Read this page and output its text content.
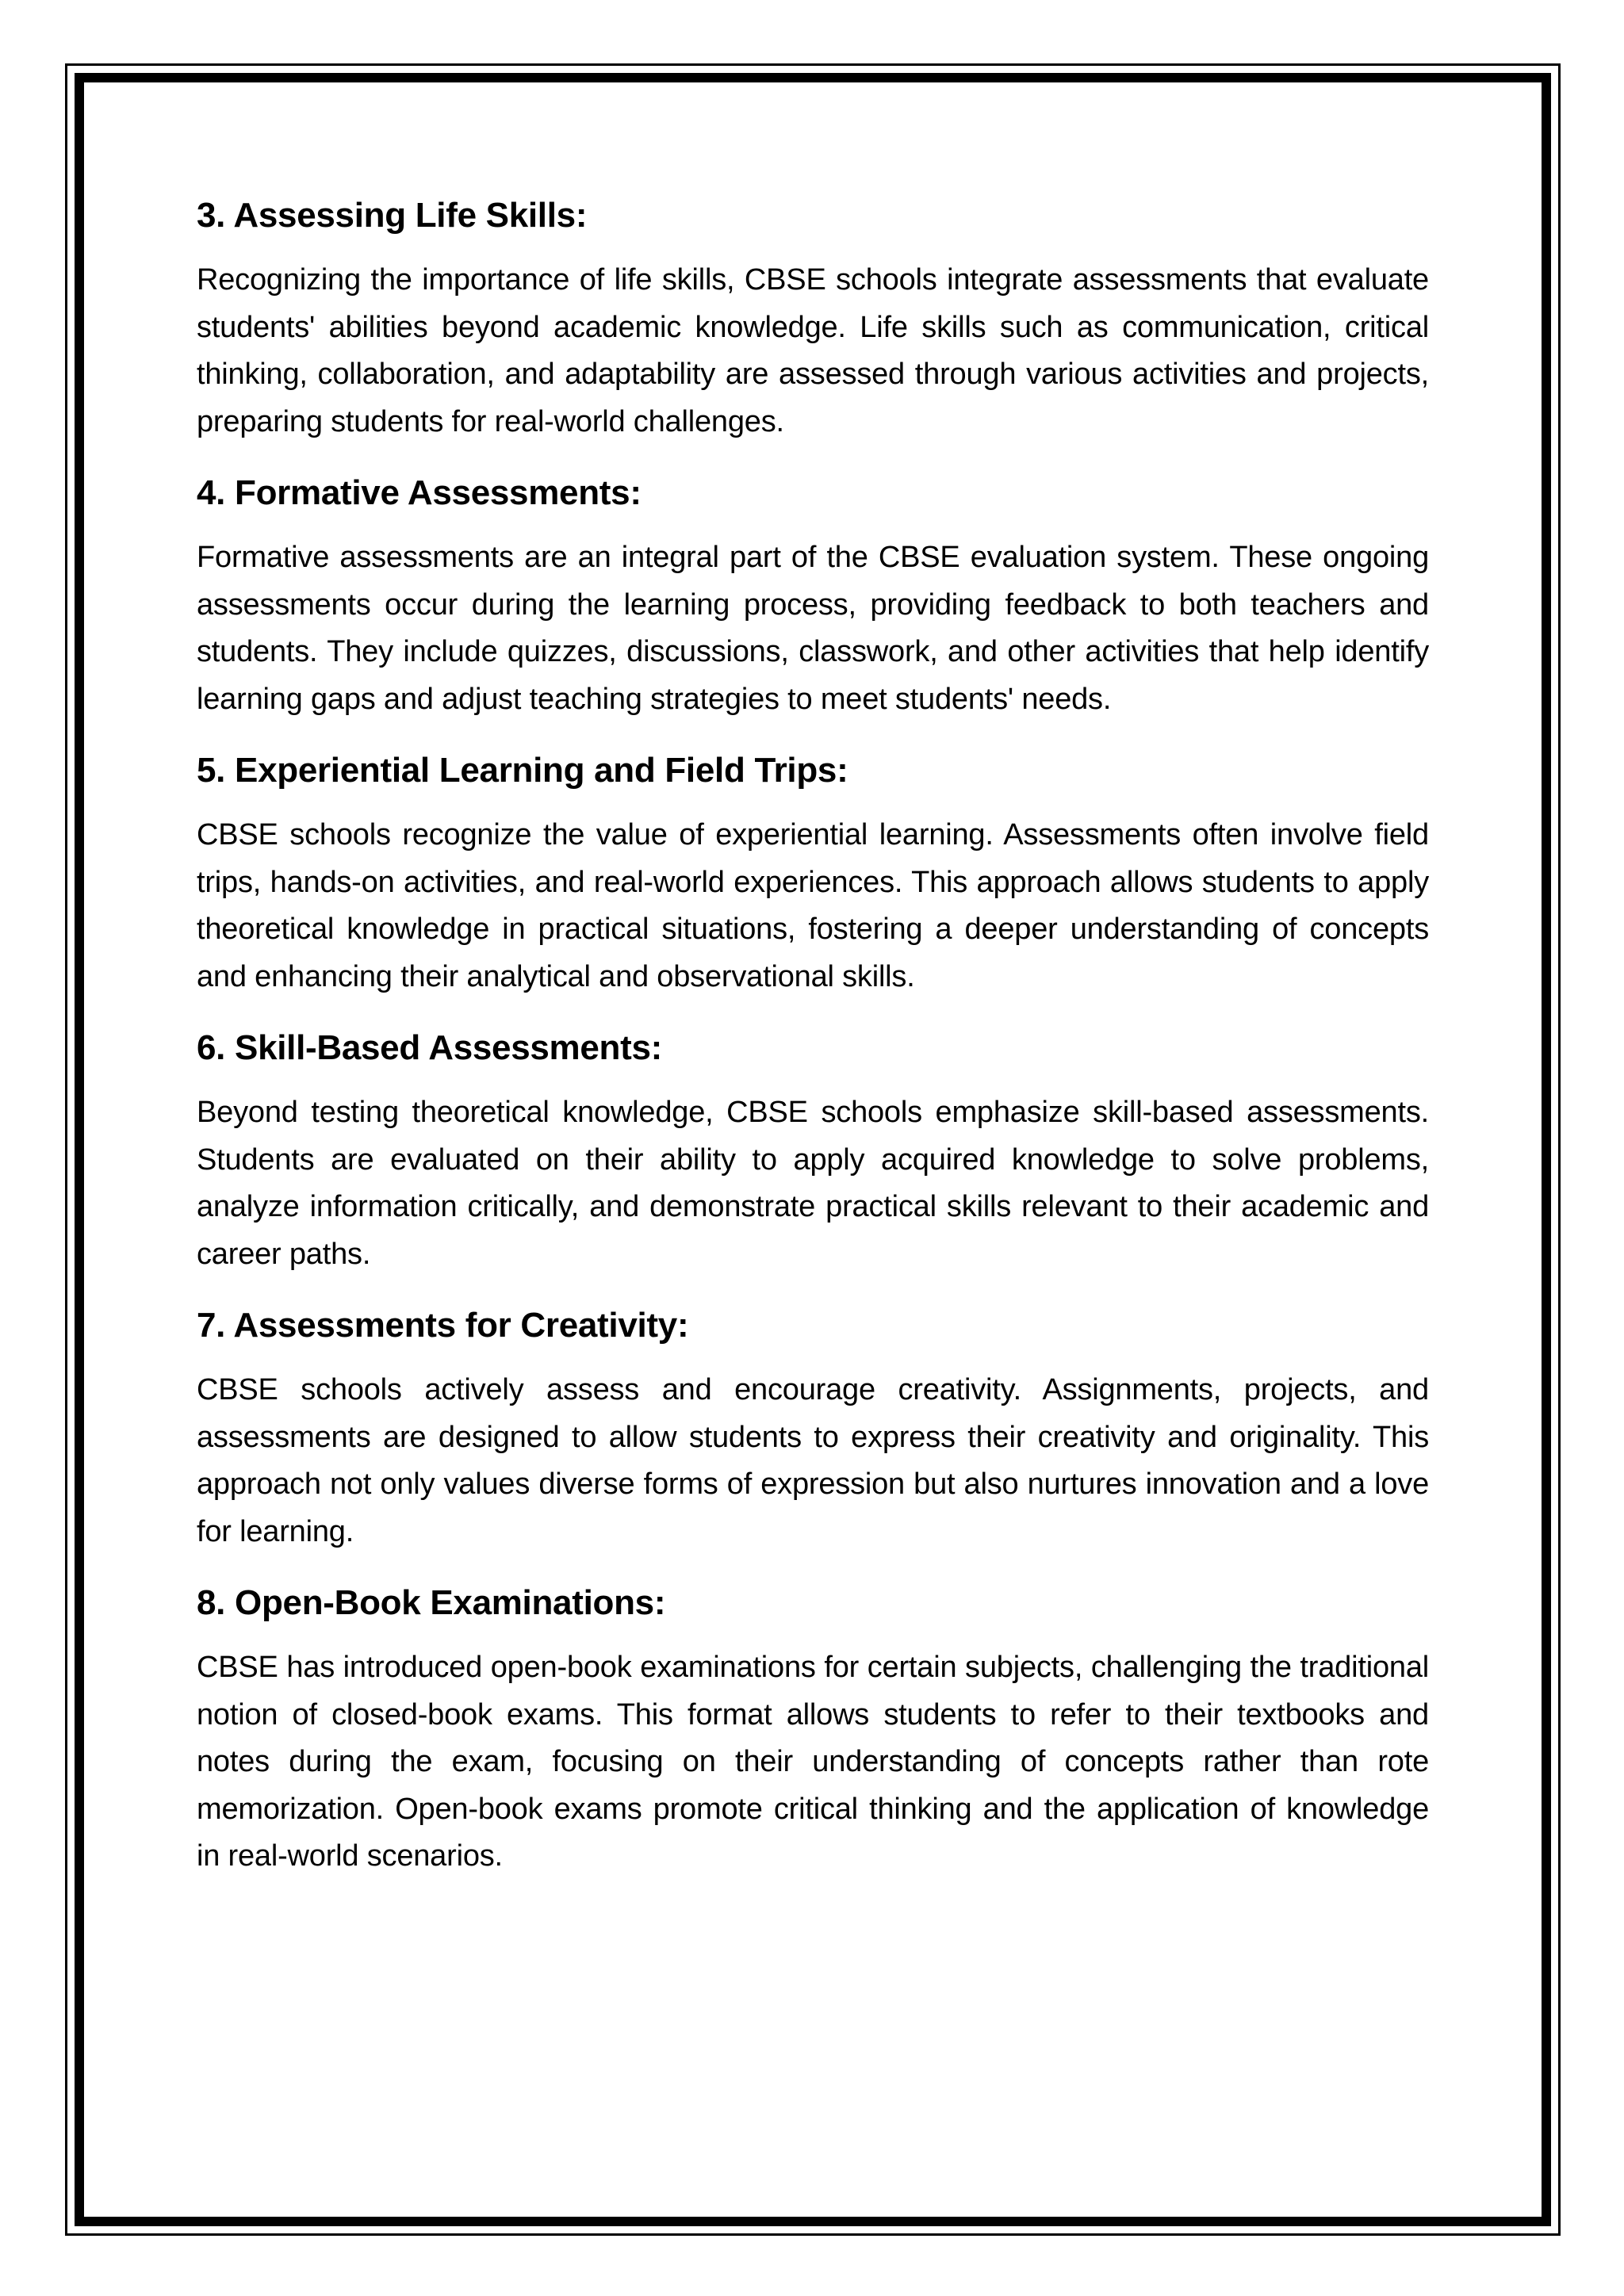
3. Assessing Life Skills:

Recognizing the importance of life skills, CBSE schools integrate assessments that evaluate students' abilities beyond academic knowledge. Life skills such as communication, critical thinking, collaboration, and adaptability are assessed through various activities and projects, preparing students for real-world challenges.

4. Formative Assessments:

Formative assessments are an integral part of the CBSE evaluation system. These ongoing assessments occur during the learning process, providing feedback to both teachers and students. They include quizzes, discussions, classwork, and other activities that help identify learning gaps and adjust teaching strategies to meet students' needs.

5. Experiential Learning and Field Trips:

CBSE schools recognize the value of experiential learning. Assessments often involve field trips, hands-on activities, and real-world experiences. This approach allows students to apply theoretical knowledge in practical situations, fostering a deeper understanding of concepts and enhancing their analytical and observational skills.

6. Skill-Based Assessments:

Beyond testing theoretical knowledge, CBSE schools emphasize skill-based assessments. Students are evaluated on their ability to apply acquired knowledge to solve problems, analyze information critically, and demonstrate practical skills relevant to their academic and career paths.

7. Assessments for Creativity:

CBSE schools actively assess and encourage creativity. Assignments, projects, and assessments are designed to allow students to express their creativity and originality. This approach not only values diverse forms of expression but also nurtures innovation and a love for learning.

8. Open-Book Examinations:

CBSE has introduced open-book examinations for certain subjects, challenging the traditional notion of closed-book exams. This format allows students to refer to their textbooks and notes during the exam, focusing on their understanding of concepts rather than rote memorization. Open-book exams promote critical thinking and the application of knowledge in real-world scenarios.
